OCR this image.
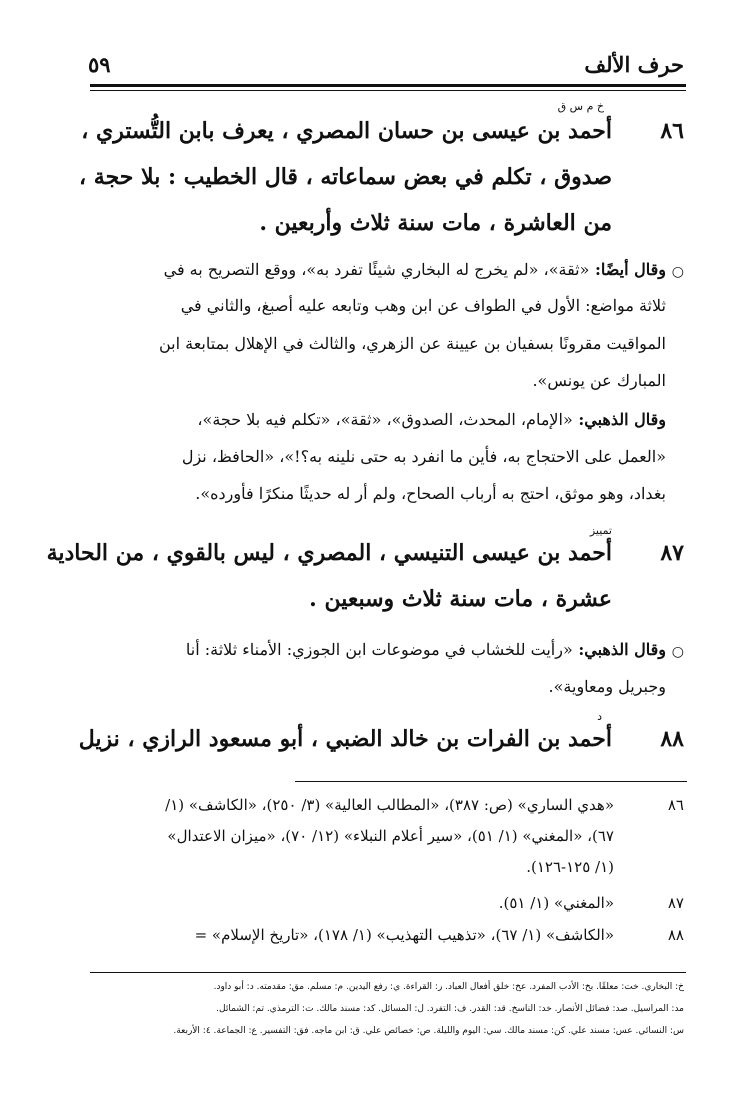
حرف الألف
٥٩
خ م س ق
٨٦
أحمد بن عيسى بن حسان المصري ، يعرف بابن التُّستري ،
صدوق ، تكلم في بعض سماعاته ، قال الخطيب : بلا حجة ،
من العاشرة ، مات سنة ثلاث وأربعين .
○
وقال أيضًا: «ثقة»، «لم يخرج له البخاري شيئًا تفرد به»، ووقع التصريح به في
ثلاثة مواضع: الأول في الطواف عن ابن وهب وتابعه عليه أصبغ، والثاني في
المواقيت مقرونًا بسفيان بن عيينة عن الزهري، والثالث في الإهلال بمتابعة ابن
المبارك عن يونس».
وقال الذهبي: «الإمام، المحدث، الصدوق»، «ثقة»، «تكلم فيه بلا حجة»،
«العمل على الاحتجاج به، فأين ما انفرد به حتى نلينه به؟!»، «الحافظ، نزل
بغداد، وهو موثق، احتج به أرباب الصحاح، ولم أر له حديثًا منكرًا فأورده».
تمييز
٨٧
أحمد بن عيسى التنيسي ، المصري ، ليس بالقوي ، من الحادية
عشرة ، مات سنة ثلاث وسبعين .
○
وقال الذهبي: «رأيت للخشاب في موضوعات ابن الجوزي: الأمناء ثلاثة: أنا
وجبريل ومعاوية».
د
٨٨
أحمد بن الفرات بن خالد الضبي ، أبو مسعود الرازي ، نزيل
٨٦
«هدي الساري» (ص: ٣٨٧)، «المطالب العالية» (٣/ ٢٥٠)، «الكاشف» (١/
٦٧)، «المغني» (١/ ٥١)، «سير أعلام النبلاء» (١٢/ ٧٠)، «ميزان الاعتدال»
(١/ ١٢٥-١٢٦).
٨٧
«المغني» (١/ ٥١).
٨٨
«الكاشف» (١/ ٦٧)، «تذهيب التهذيب» (١/ ١٧٨)، «تاريخ الإسلام» =
خ: البخاري. خت: معلقًا. بخ: الأدب المفرد. عخ: خلق أفعال العباد. ر: القراءة. ي: رفع اليدين. م: مسلم. مق: مقدمته. د: أبو داود.
مد: المراسيل. صد: فضائل الأنصار. خد: الناسخ. قد: القدر. ف: التفرد. ل: المسائل. كد: مسند مالك. ت: الترمذي. تم: الشمائل.
س: النسائي. عس: مسند علي. كن: مسند مالك. سي: اليوم والليلة. ص: خصائص علي. ق: ابن ماجه. فق: التفسير. ع: الجماعة. ٤: الأربعة.
